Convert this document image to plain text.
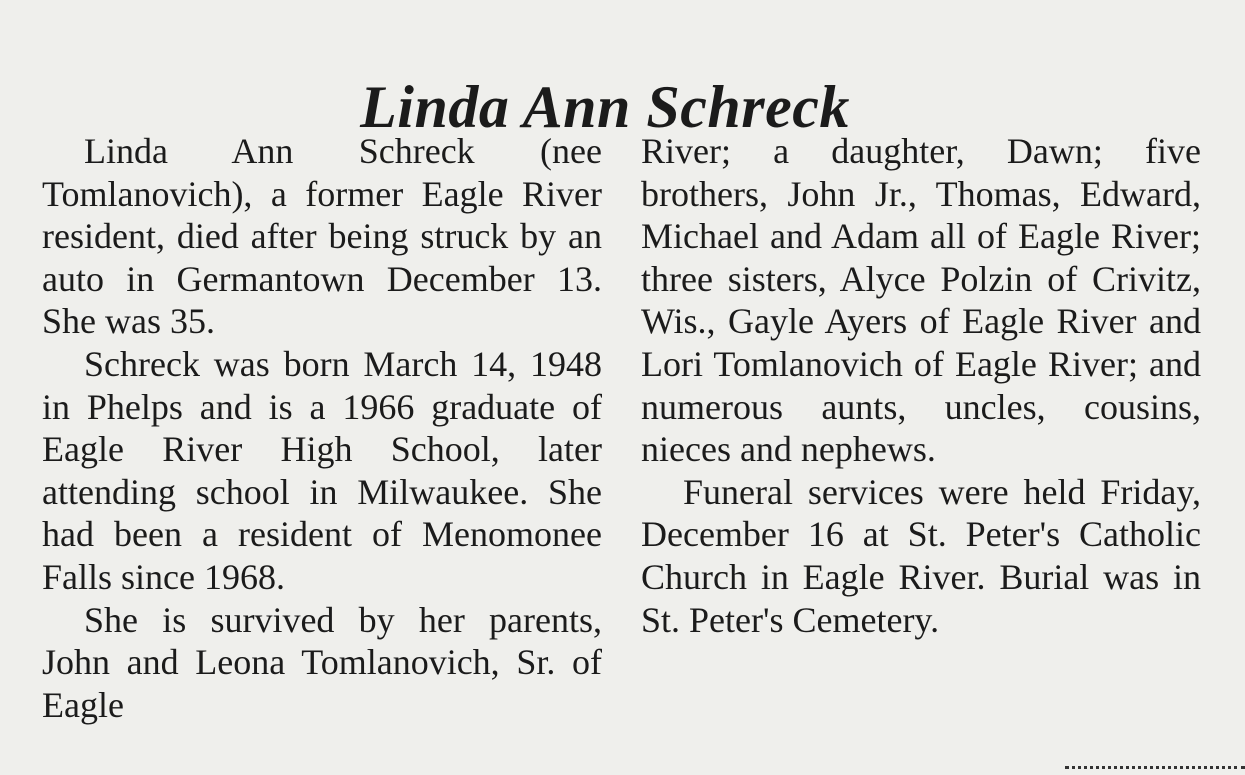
Linda Ann Schreck

Linda Ann Schreck (nee Tomlanovich), a former Eagle River resident, died after being struck by an auto in Germantown December 13. She was 35.

Schreck was born March 14, 1948 in Phelps and is a 1966 graduate of Eagle River High School, later attending school in Milwaukee. She had been a resident of Menomonee Falls since 1968.

She is survived by her parents, John and Leona Tomlanovich, Sr. of Eagle

River; a daughter, Dawn; five brothers, John Jr., Thomas, Edward, Michael and Adam all of Eagle River; three sisters, Alyce Polzin of Crivitz, Wis., Gayle Ayers of Eagle River and Lori Tomlanovich of Eagle River; and numerous aunts, uncles, cousins, nieces and nephews.

Funeral services were held Friday, December 16 at St. Peter's Catholic Church in Eagle River. Burial was in St. Peter's Cemetery.
